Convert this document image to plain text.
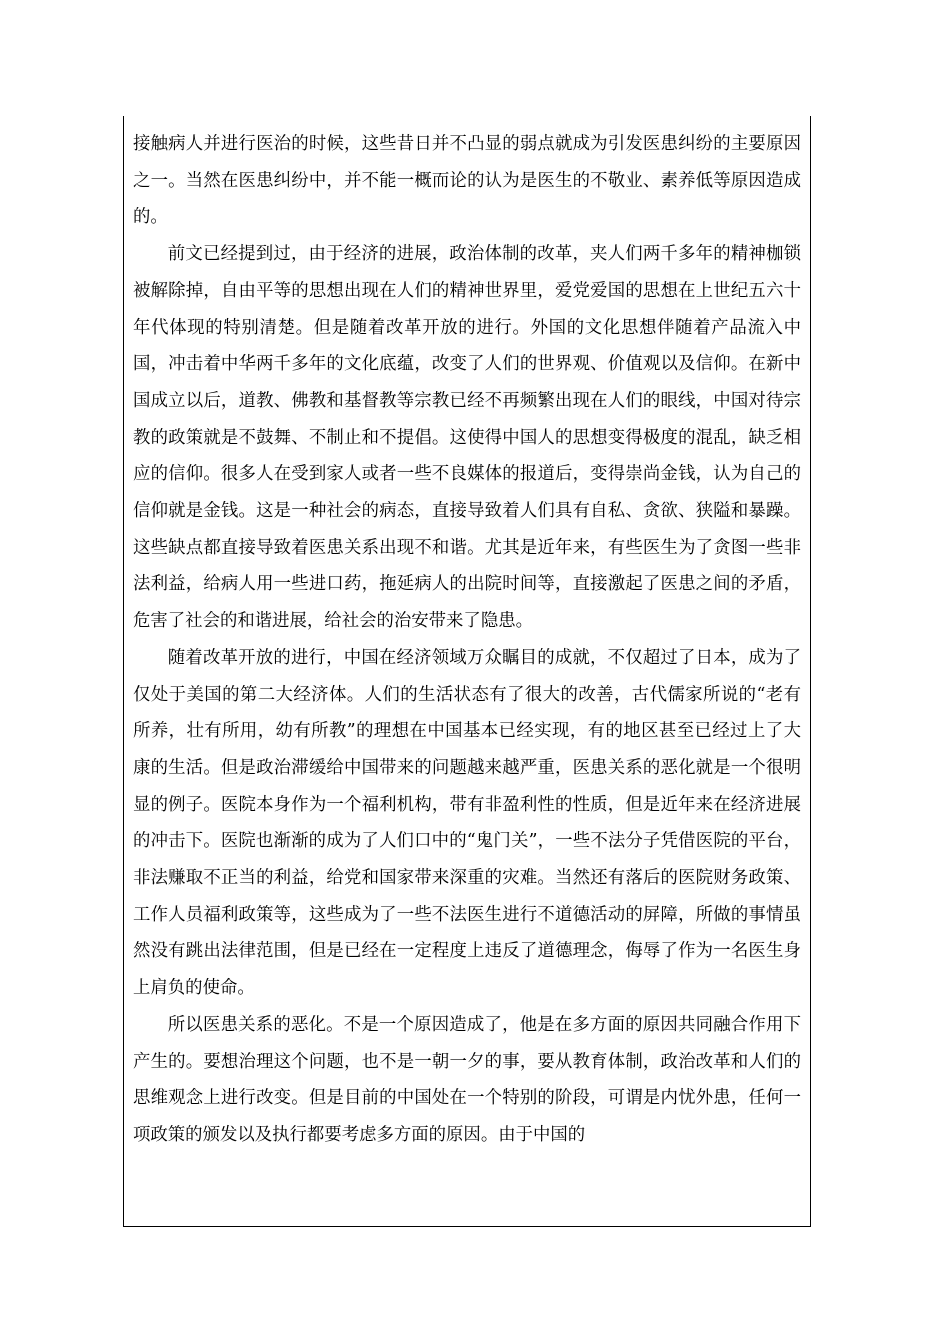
接触病人并进行医治的时候，这些昔日并不凸显的弱点就成为引发医患纠纷的主要原因之一。当然在医患纠纷中，并不能一概而论的认为是医生的不敬业、素养低等原因造成的。

前文已经提到过，由于经济的进展，政治体制的改革，夹人们两千多年的精神枷锁被解除掉，自由平等的思想出现在人们的精神世界里，爱党爱国的思想在上世纪五六十年代体现的特别清楚。但是随着改革开放的进行。外国的文化思想伴随着产品流入中国，冲击着中华两千多年的文化底蕴，改变了人们的世界观、价值观以及信仰。在新中国成立以后，道教、佛教和基督教等宗教已经不再频繁出现在人们的眼线，中国对待宗教的政策就是不鼓舞、不制止和不提倡。这使得中国人的思想变得极度的混乱，缺乏相应的信仰。很多人在受到家人或者一些不良媒体的报道后，变得崇尚金钱，认为自己的信仰就是金钱。这是一种社会的病态，直接导致着人们具有自私、贪欲、狭隘和暴躁。这些缺点都直接导致着医患关系出现不和谐。尤其是近年来，有些医生为了贪图一些非法利益，给病人用一些进口药，拖延病人的出院时间等，直接激起了医患之间的矛盾，危害了社会的和谐进展，给社会的治安带来了隐患。

随着改革开放的进行，中国在经济领域万众瞩目的成就，不仅超过了日本，成为了仅处于美国的第二大经济体。人们的生活状态有了很大的改善，古代儒家所说的“老有所养，壮有所用，幼有所教”的理想在中国基本已经实现，有的地区甚至已经过上了大康的生活。但是政治滞缓给中国带来的问题越来越严重，医患关系的恶化就是一个很明显的例子。医院本身作为一个福利机构，带有非盈利性的性质，但是近年来在经济进展的冲击下。医院也渐渐的成为了人们口中的“鬼门关”，一些不法分子凭借医院的平台，非法赚取不正当的利益，给党和国家带来深重的灾难。当然还有落后的医院财务政策、工作人员福利政策等，这些成为了一些不法医生进行不道德活动的屏障，所做的事情虽然没有跳出法律范围，但是已经在一定程度上违反了道德理念，侮辱了作为一名医生身上肩负的使命。

所以医患关系的恶化。不是一个原因造成了，他是在多方面的原因共同融合作用下产生的。要想治理这个问题，也不是一朝一夕的事，要从教育体制，政治改革和人们的思维观念上进行改变。但是目前的中国处在一个特别的阶段，可谓是内忧外患，任何一项政策的颁发以及执行都要考虑多方面的原因。由于中国的
